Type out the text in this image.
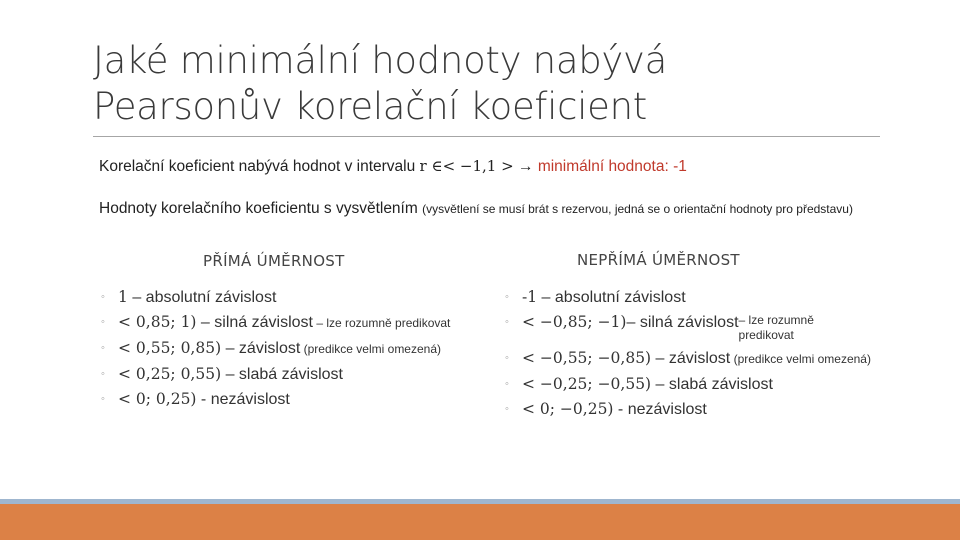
Jaké minimální hodnoty nabývá
Pearsonův korelační koeficient
Korelační koeficient nabývá hodnot v intervalu r ∈< −1,1 > → minimální hodnota: -1
Hodnoty korelačního koeficientu s vysvětlením (vysvětlení se musí brát s rezervou, jedná se o orientační hodnoty pro představu)
PŘÍMÁ ÚMĚRNOST	NEPŘÍMÁ ÚMĚRNOST
◦ 1 – absolutní závislost
◦ < 0,85; 1) – silná závislost – lze rozumně predikovat
◦ < 0,55; 0,85) – závislost (predikce velmi omezená)
◦ < 0,25; 0,55) – slabá závislost
◦ < 0; 0,25) - nezávislost
◦ -1 – absolutní závislost
◦ < −0,85; −1)– silná závislost– lze rozumně predikovat
◦ < −0,55; −0,85) – závislost (predikce velmi omezená)
◦ < −0,25; −0,55) – slabá závislost
◦ < 0; −0,25) - nezávislost
